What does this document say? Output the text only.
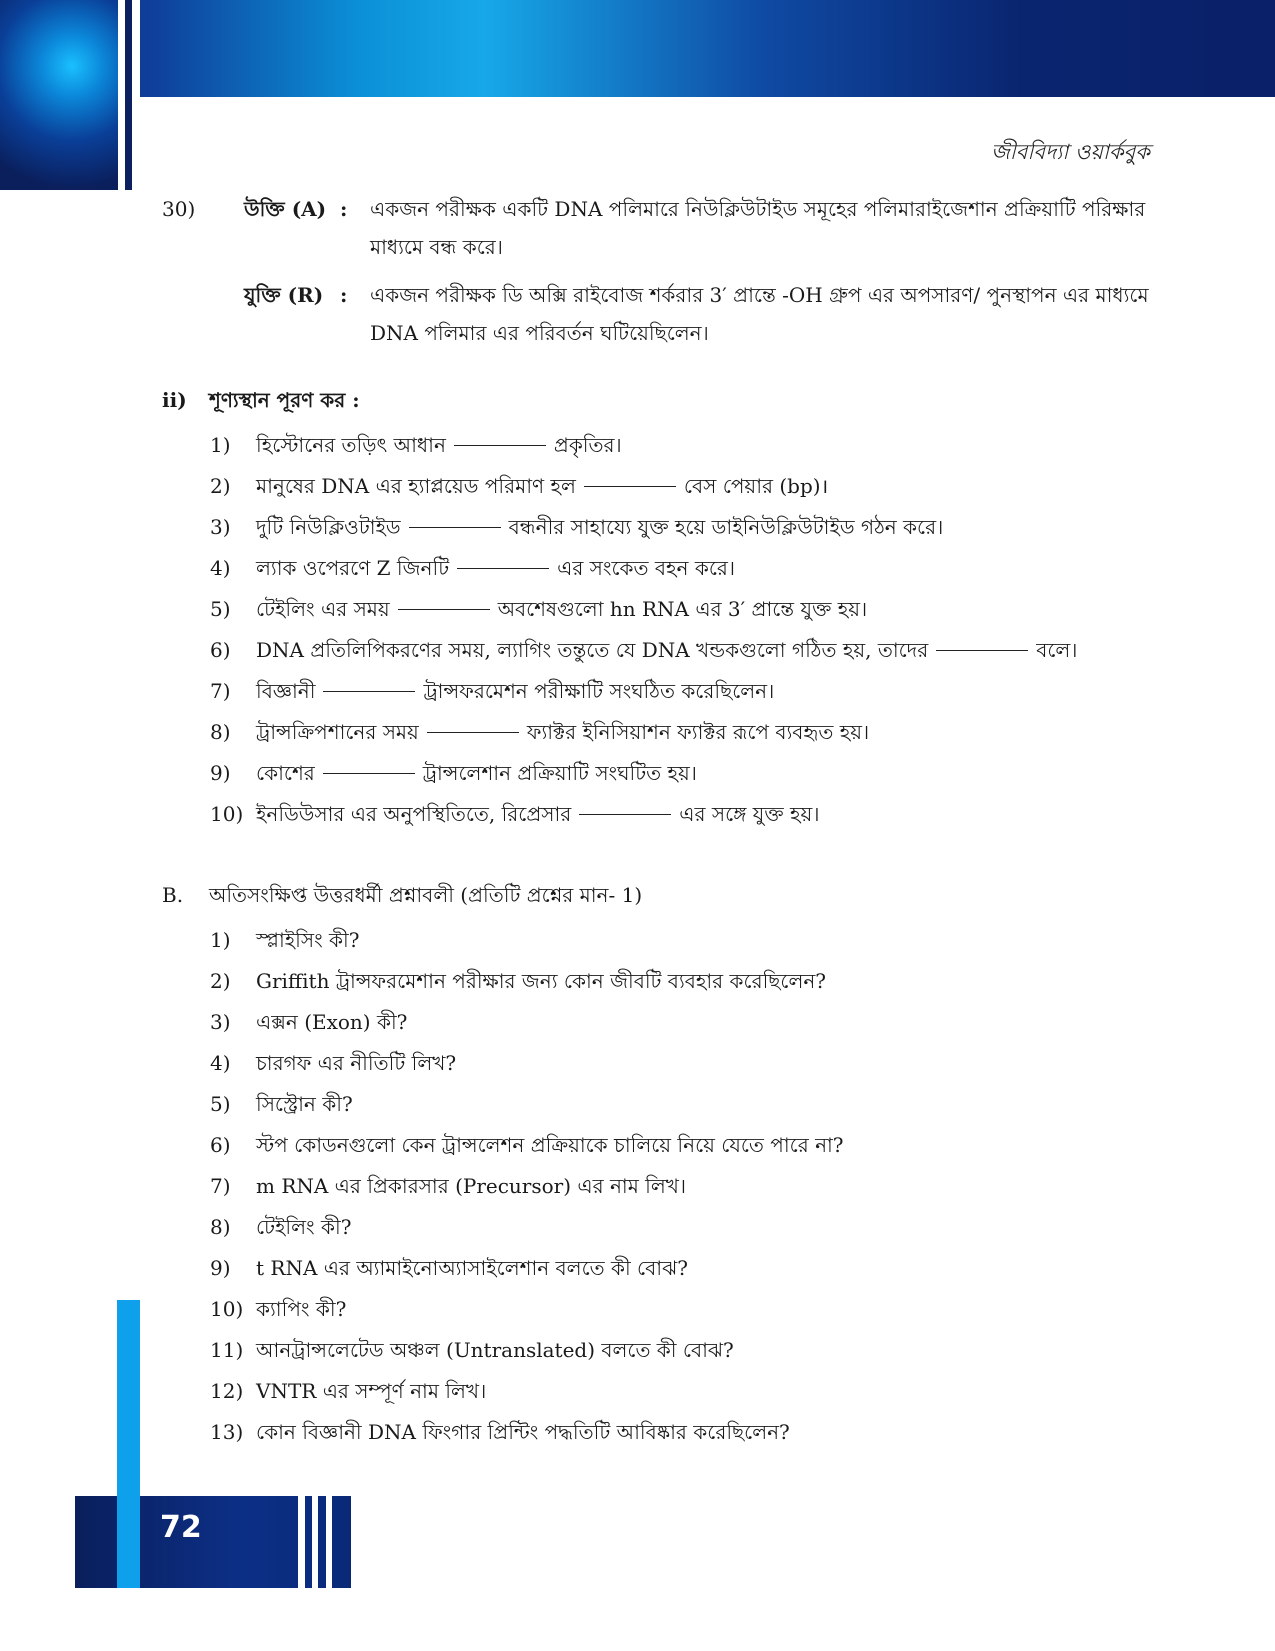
জীববিদ্যা ওয়ার্কবুক
30)	উক্তি (A) :	একজন পরীক্ষক একটি DNA পলিমারে নিউক্লিউটাইড সমূহের পলিমারাইজেশান প্রক্রিয়াটি পরিক্ষার মাধ্যমে বন্ধ করে।
যুক্তি (R) :	একজন পরীক্ষক ডি অক্সি রাইবোজ শর্করার 3′ প্রান্তে -OH গ্রুপ এর অপসারণ/ পুনস্থাপন এর মাধ্যমে DNA পলিমার এর পরিবর্তন ঘটিয়েছিলেন।
ii)	শূণ্যস্থান পূরণ কর :
1)	হিস্টোনের তড়িৎ আধান	প্রকৃতির।
2)	মানুষের DNA এর হ্যাপ্লয়েড পরিমাণ হল	বেস পেয়ার (bp)।
3)	দুটি নিউক্লিওটাইড	বন্ধনীর সাহায্যে যুক্ত হয়ে ডাইনিউক্লিউটাইড গঠন করে।
4)	ল্যাক ওপেরণে Z জিনটি	এর সংকেত বহন করে।
5)	টেইলিং এর সময়	অবশেষগুলো hn RNA এর 3′ প্রান্তে যুক্ত হয়।
6)	DNA প্রতিলিপিকরণের সময়, ল্যাগিং তন্তুতে যে DNA খন্ডকগুলো গঠিত হয়, তাদের	বলে।
7)	বিজ্ঞানী	ট্রান্সফরমেশন পরীক্ষাটি সংঘঠিত করেছিলেন।
8)	ট্রান্সক্রিপশানের সময়	ফ্যাক্টর ইনিসিয়াশন ফ্যাক্টর রূপে ব্যবহৃত হয়।
9)	কোশের	ট্রান্সলেশান প্রক্রিয়াটি সংঘটিত হয়।
10) ইনডিউসার এর অনুপস্থিতিতে, রিপ্রেসার	এর সঙ্গে যুক্ত হয়।
B.	অতিসংক্ষিপ্ত উত্তরধর্মী প্রশ্নাবলী (প্রতিটি প্রশ্নের মান- 1)
1)	স্প্লাইসিং কী?
2)	Griffith ট্রান্সফরমেশান পরীক্ষার জন্য কোন জীবটি ব্যবহার করেছিলেন?
3)	এক্সন (Exon) কী?
4)	চারগফ এর নীতিটি লিখ?
5)	সিস্ট্রোন কী?
6)	স্টপ কোডনগুলো কেন ট্রান্সলেশন প্রক্রিয়াকে চালিয়ে নিয়ে যেতে পারে না?
7)	m RNA এর প্রিকারসার (Precursor) এর নাম লিখ।
8)	টেইলিং কী?
9)	t RNA এর অ্যামাইনোঅ্যাসাইলেশান বলতে কী বোঝ?
10) ক্যাপিং কী?
11) আনট্রান্সলেটেড অঞ্চল (Untranslated) বলতে কী বোঝ?
12) VNTR এর সম্পূর্ণ নাম লিখ।
13) কোন বিজ্ঞানী DNA ফিংগার প্রিন্টিং পদ্ধতিটি আবিষ্কার করেছিলেন?
72
